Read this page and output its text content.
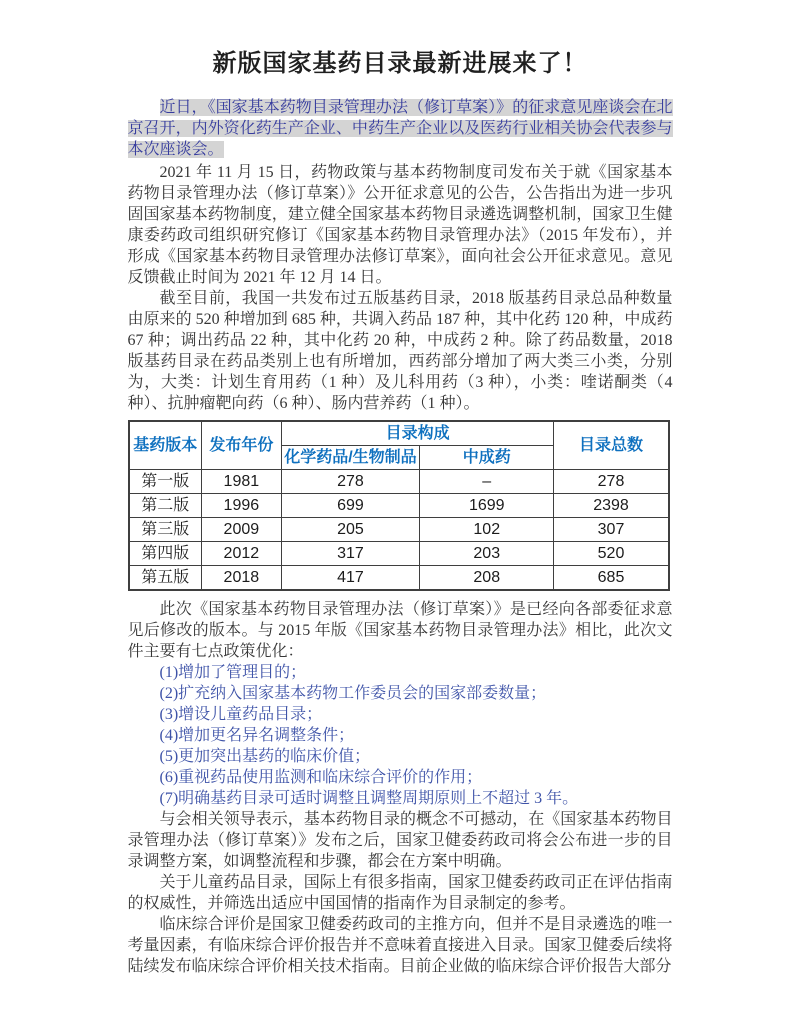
新版国家基药目录最新进展来了！

近日，《国家基本药物目录管理办法（修订草案）》的征求意见座谈会在北京召开，内外资化药生产企业、中药生产企业以及医药行业相关协会代表参与本次座谈会。

2021 年 11 月 15 日，药物政策与基本药物制度司发布关于就《国家基本药物目录管理办法（修订草案）》公开征求意见的公告，公告指出为进一步巩固国家基本药物制度，建立健全国家基本药物目录遴选调整机制，国家卫生健康委药政司组织研究修订《国家基本药物目录管理办法》（2015 年发布），并形成《国家基本药物目录管理办法修订草案》，面向社会公开征求意见。意见反馈截止时间为 2021 年 12 月 14 日。

截至目前，我国一共发布过五版基药目录，2018 版基药目录总品种数量由原来的 520 种增加到 685 种，共调入药品 187 种，其中化药 120 种，中成药 67 种；调出药品 22 种，其中化药 20 种，中成药 2 种。除了药品数量，2018 版基药目录在药品类别上也有所增加，西药部分增加了两大类三小类，分别为，大类：计划生育用药（1 种）及儿科用药（3 种），小类：喹诺酮类（4 种）、抗肿瘤靶向药（6 种）、肠内营养药（1 种）。

基药版本	发布年份	目录构成		目录总数
		化学药品/生物制品	中成药	
第一版	1981	278	–	278
第二版	1996	699	1699	2398
第三版	2009	205	102	307
第四版	2012	317	203	520
第五版	2018	417	208	685

此次《国家基本药物目录管理办法（修订草案）》是已经向各部委征求意见后修改的版本。与 2015 年版《国家基本药物目录管理办法》相比，此次文件主要有七点政策优化：

(1)增加了管理目的；

(2)扩充纳入国家基本药物工作委员会的国家部委数量；

(3)增设儿童药品目录；

(4)增加更名异名调整条件；

(5)更加突出基药的临床价值；

(6)重视药品使用监测和临床综合评价的作用；

(7)明确基药目录可适时调整且调整周期原则上不超过 3 年。

与会相关领导表示，基本药物目录的概念不可撼动，在《国家基本药物目录管理办法（修订草案）》发布之后，国家卫健委药政司将会公布进一步的目录调整方案，如调整流程和步骤，都会在方案中明确。

关于儿童药品目录，国际上有很多指南，国家卫健委药政司正在评估指南的权威性，并筛选出适应中国国情的指南作为目录制定的参考。

临床综合评价是国家卫健委药政司的主推方向，但并不是目录遴选的唯一考量因素，有临床综合评价报告并不意味着直接进入目录。国家卫健委后续将陆续发布临床综合评价相关技术指南。目前企业做的临床综合评价报告大部分
